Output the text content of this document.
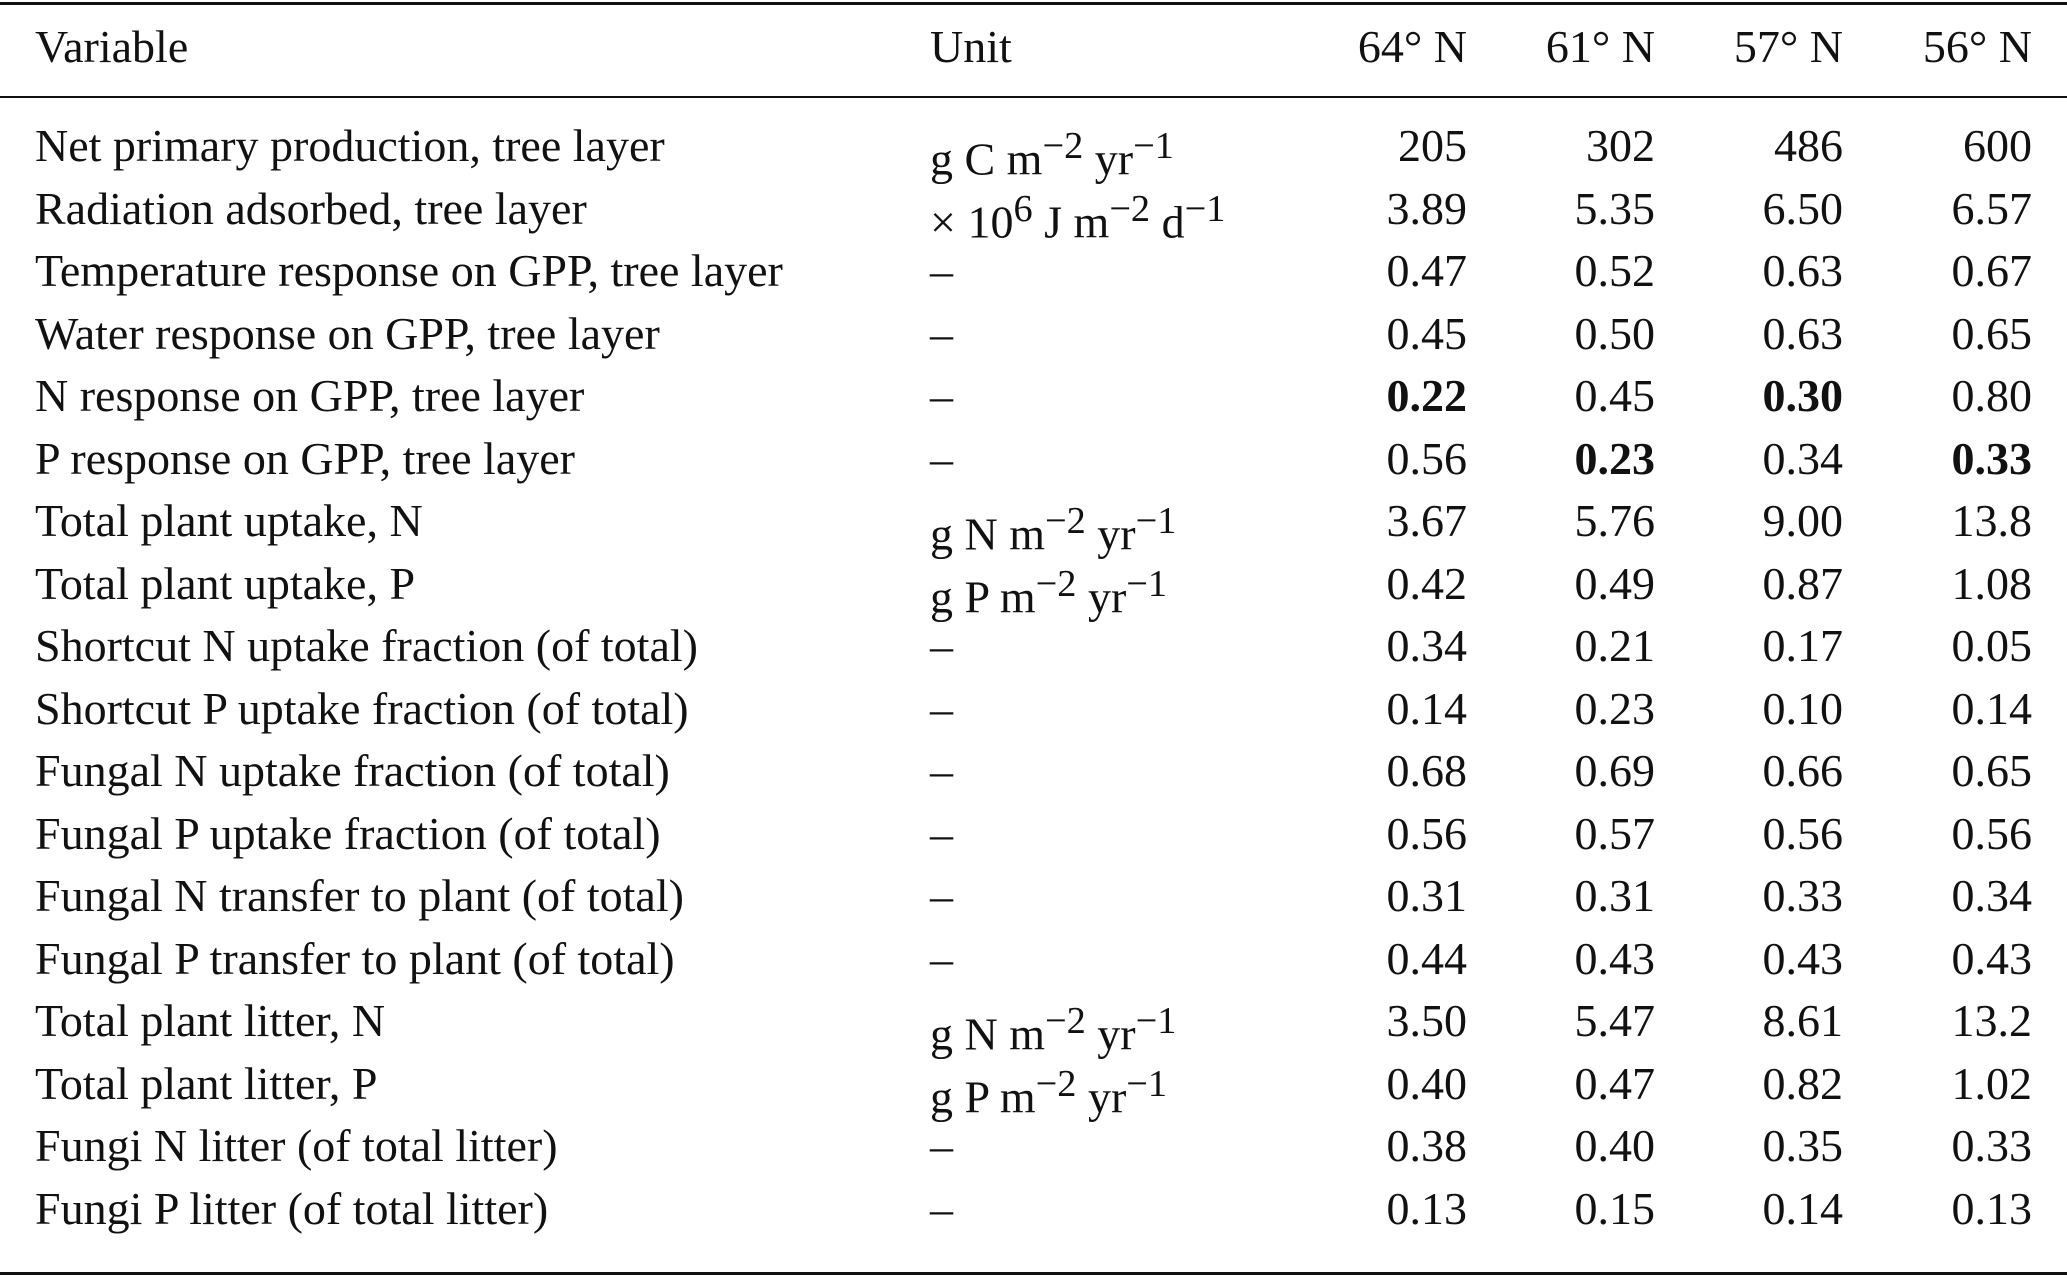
Variable	Unit	64° N	61° N	57° N	56° N
Net primary production, tree layer	g C $m^{-2}$ $yr^{-1}$	205	302	486	600
Radiation adsorbed, tree layer	× $10^6$ J $m^{-2}$ $d^{-1}$	3.89	5.35	6.50	6.57
Temperature response on GPP, tree layer	–	0.47	0.52	0.63	0.67
Water response on GPP, tree layer	–	0.45	0.50	0.63	0.65
N response on GPP, tree layer	–	0.22	0.45	0.30	0.80
P response on GPP, tree layer	–	0.56	0.23	0.34	0.33
Total plant uptake, N	g N $m^{-2}$ $yr^{-1}$	3.67	5.76	9.00	13.8
Total plant uptake, P	g P $m^{-2}$ $yr^{-1}$	0.42	0.49	0.87	1.08
Shortcut N uptake fraction (of total)	–	0.34	0.21	0.17	0.05
Shortcut P uptake fraction (of total)	–	0.14	0.23	0.10	0.14
Fungal N uptake fraction (of total)	–	0.68	0.69	0.66	0.65
Fungal P uptake fraction (of total)	–	0.56	0.57	0.56	0.56
Fungal N transfer to plant (of total)	–	0.31	0.31	0.33	0.34
Fungal P transfer to plant (of total)	–	0.44	0.43	0.43	0.43
Total plant litter, N	g N $m^{-2}$ $yr^{-1}$	3.50	5.47	8.61	13.2
Total plant litter, P	g P $m^{-2}$ $yr^{-1}$	0.40	0.47	0.82	1.02
Fungi N litter (of total litter)	–	0.38	0.40	0.35	0.33
Fungi P litter (of total litter)	–	0.13	0.15	0.14	0.13
